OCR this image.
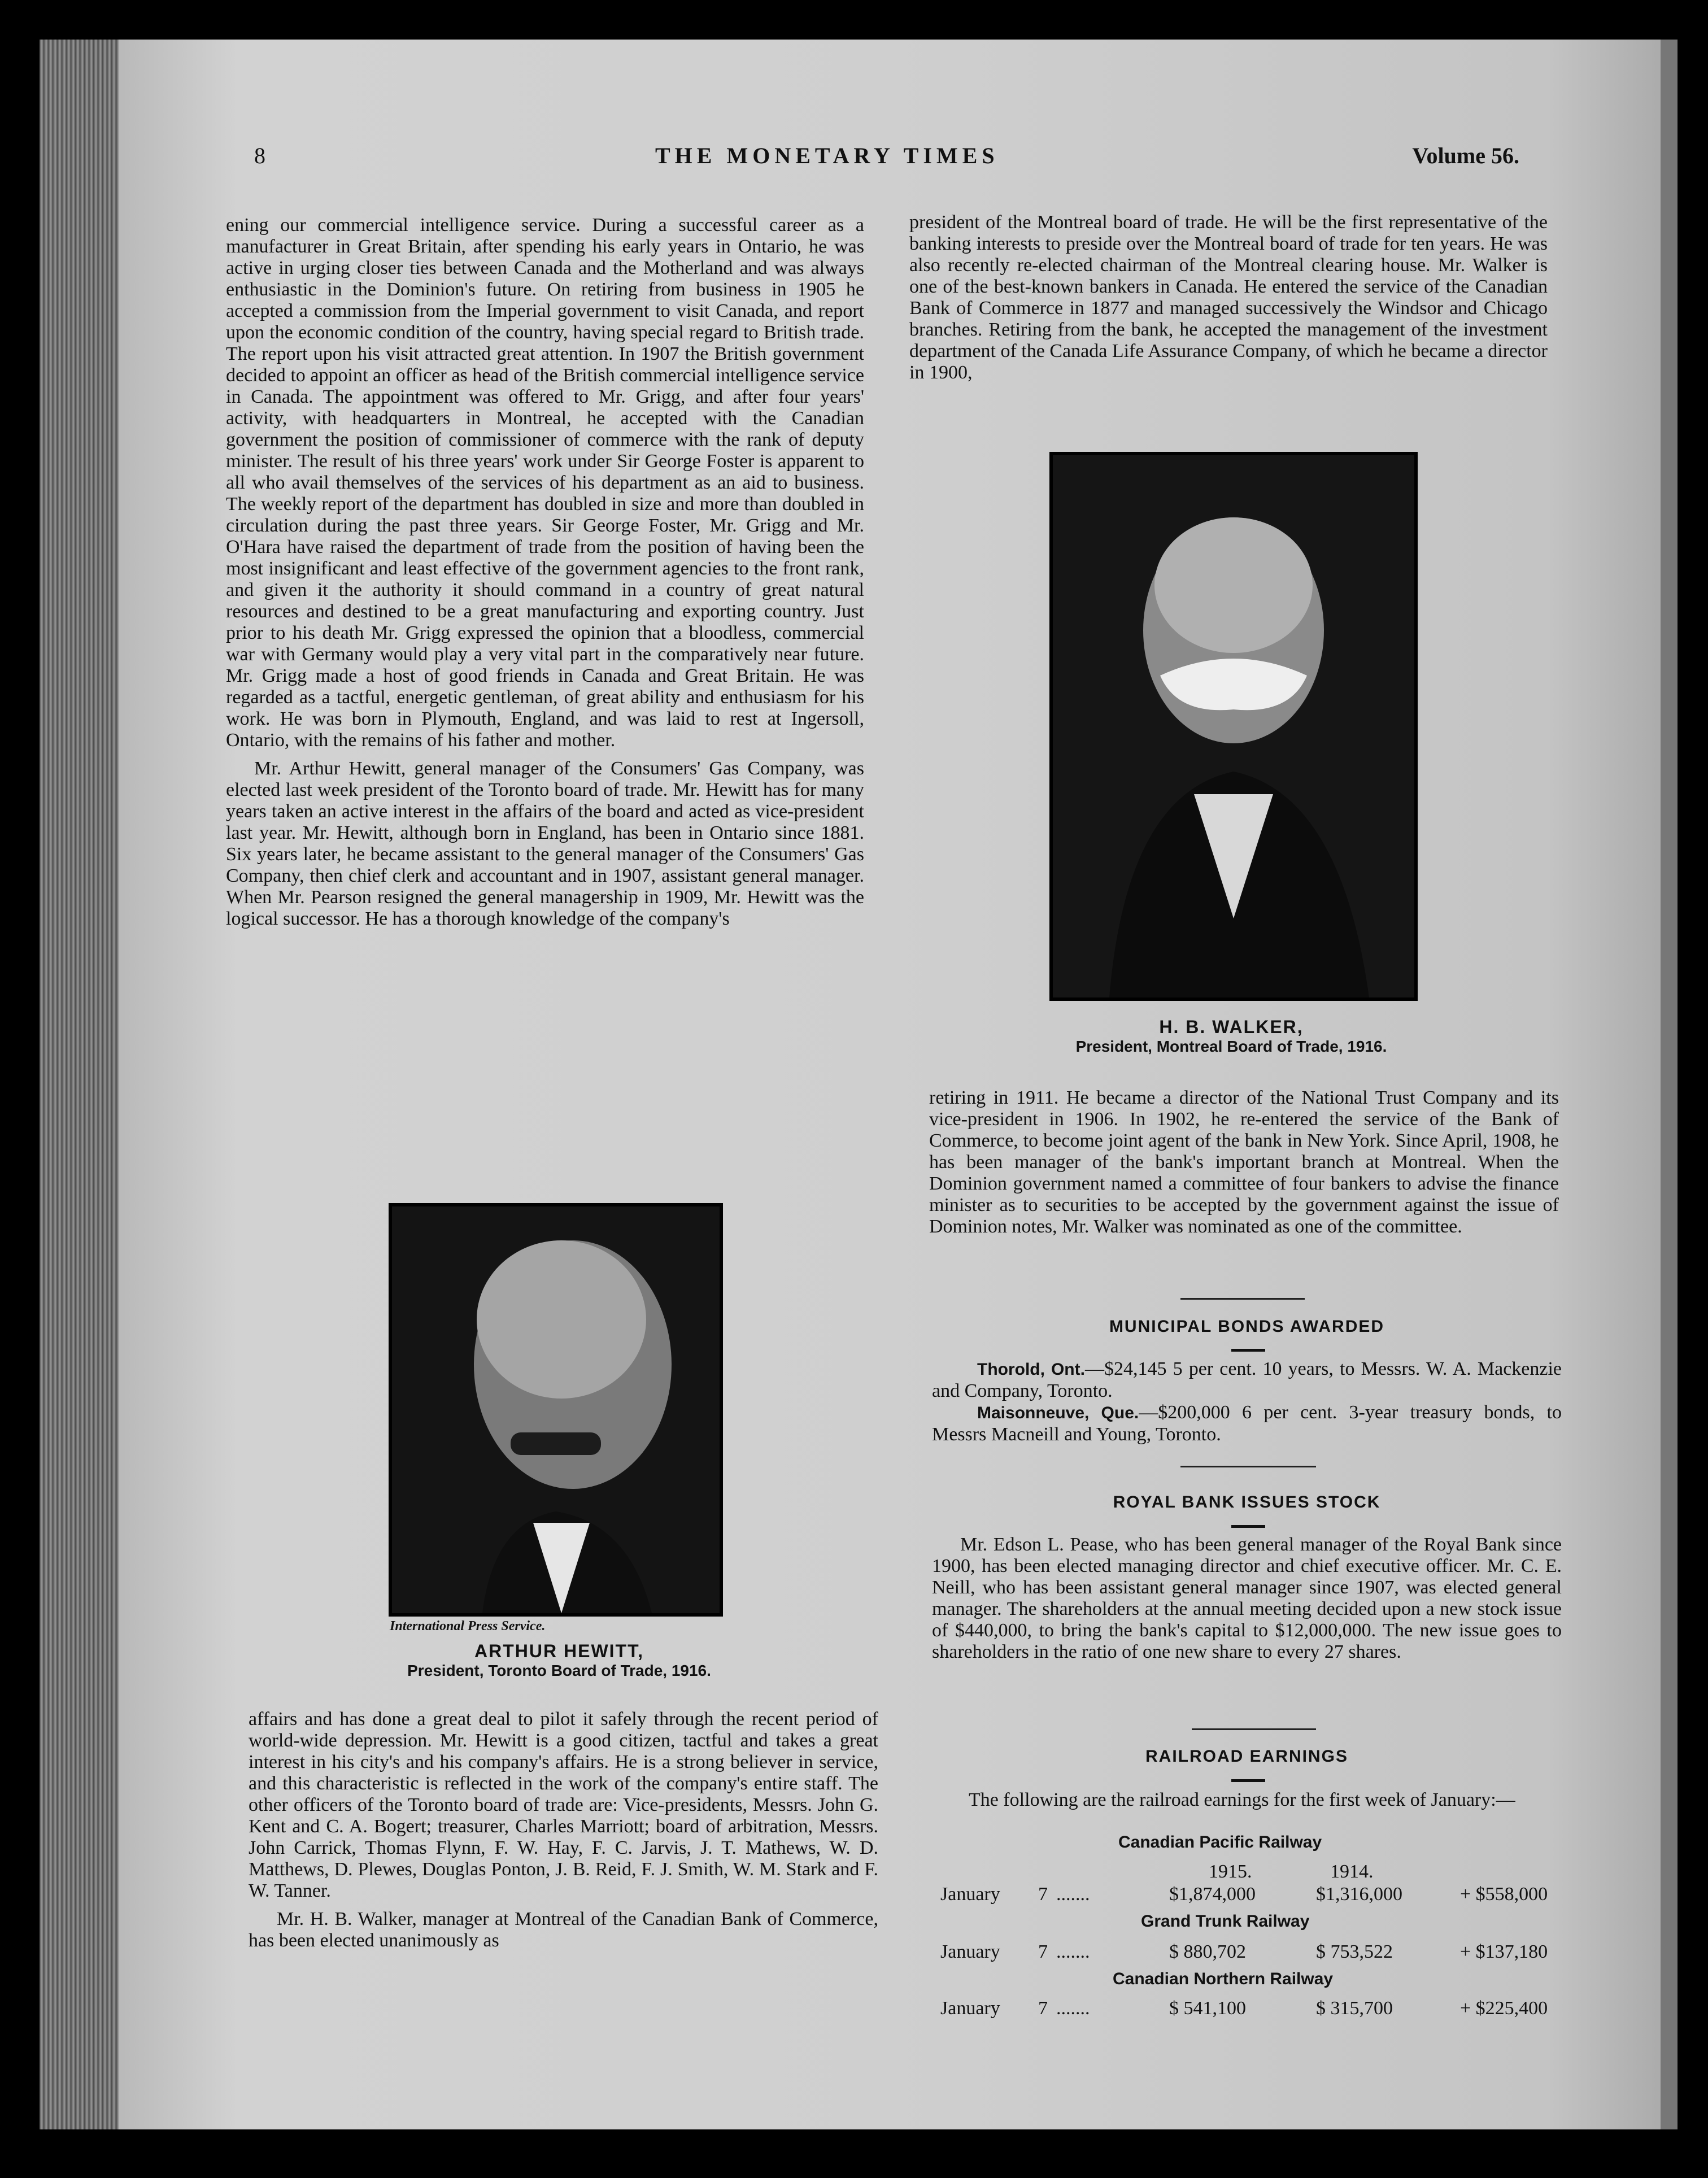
8	THE MONETARY TIMES	Volume 56.

ening our commercial intelligence service. During a successful career as a manufacturer in Great Britain, after spending his early years in Ontario, he was active in urging closer ties between Canada and the Motherland and was always enthusiastic in the Dominion's future. On retiring from business in 1905 he accepted a commission from the Imperial government to visit Canada, and report upon the economic condition of the country, having special regard to British trade. The report upon his visit attracted great attention. In 1907 the British government decided to appoint an officer as head of the British commercial intelligence service in Canada. The appointment was offered to Mr. Grigg, and after four years' activity, with headquarters in Montreal, he accepted with the Canadian government the position of commissioner of commerce with the rank of deputy minister. The result of his three years' work under Sir George Foster is apparent to all who avail themselves of the services of his department as an aid to business. The weekly report of the department has doubled in size and more than doubled in circulation during the past three years. Sir George Foster, Mr. Grigg and Mr. O'Hara have raised the department of trade from the position of having been the most insignificant and least effective of the government agencies to the front rank, and given it the authority it should command in a country of great natural resources and destined to be a great manufacturing and exporting country. Just prior to his death Mr. Grigg expressed the opinion that a bloodless, commercial war with Germany would play a very vital part in the comparatively near future. Mr. Grigg made a host of good friends in Canada and Great Britain. He was regarded as a tactful, energetic gentleman, of great ability and enthusiasm for his work. He was born in Plymouth, England, and was laid to rest at Ingersoll, Ontario, with the remains of his father and mother.

Mr. Arthur Hewitt, general manager of the Consumers' Gas Company, was elected last week president of the Toronto board of trade. Mr. Hewitt has for many years taken an active interest in the affairs of the board and acted as vice-president last year. Mr. Hewitt, although born in England, has been in Ontario since 1881. Six years later, he became assistant to the general manager of the Consumers' Gas Company, then chief clerk and accountant and in 1907, assistant general manager. When Mr. Pearson resigned the general managership in 1909, Mr. Hewitt was the logical successor. He has a thorough knowledge of the company's

International Press Service.
ARTHUR HEWITT,
President, Toronto Board of Trade, 1916.

affairs and has done a great deal to pilot it safely through the recent period of world-wide depression. Mr. Hewitt is a good citizen, tactful and takes a great interest in his city's and his company's affairs. He is a strong believer in service, and this characteristic is reflected in the work of the company's entire staff. The other officers of the Toronto board of trade are: Vice-presidents, Messrs. John G. Kent and C. A. Bogert; treasurer, Charles Marriott; board of arbitration, Messrs. John Carrick, Thomas Flynn, F. W. Hay, F. C. Jarvis, J. T. Mathews, W. D. Matthews, D. Plewes, Douglas Ponton, J. B. Reid, F. J. Smith, W. M. Stark and F. W. Tanner.

Mr. H. B. Walker, manager at Montreal of the Canadian Bank of Commerce, has been elected unanimously as

president of the Montreal board of trade. He will be the first representative of the banking interests to preside over the Montreal board of trade for ten years. He was also recently re-elected chairman of the Montreal clearing house. Mr. Walker is one of the best-known bankers in Canada. He entered the service of the Canadian Bank of Commerce in 1877 and managed successively the Windsor and Chicago branches. Retiring from the bank, he accepted the management of the investment department of the Canada Life Assurance Company, of which he became a director in 1900,

H. B. WALKER,
President, Montreal Board of Trade, 1916.

retiring in 1911. He became a director of the National Trust Company and its vice-president in 1906. In 1902, he re-entered the service of the Bank of Commerce, to become joint agent of the bank in New York. Since April, 1908, he has been manager of the bank's important branch at Montreal. When the Dominion government named a committee of four bankers to advise the finance minister as to securities to be accepted by the government against the issue of Dominion notes, Mr. Walker was nominated as one of the committee.

MUNICIPAL BONDS AWARDED

Thorold, Ont.—$24,145 5 per cent. 10 years, to Messrs. W. A. Mackenzie and Company, Toronto.

Maisonneuve, Que.—$200,000 6 per cent. 3-year treasury bonds, to Messrs Macneill and Young, Toronto.

ROYAL BANK ISSUES STOCK

Mr. Edson L. Pease, who has been general manager of the Royal Bank since 1900, has been elected managing director and chief executive officer. Mr. C. E. Neill, who has been assistant general manager since 1907, was elected general manager. The shareholders at the annual meeting decided upon a new stock issue of $440,000, to bring the bank's capital to $12,000,000. The new issue goes to shareholders in the ratio of one new share to every 27 shares.

RAILROAD EARNINGS

The following are the railroad earnings for the first week of January:—

Canadian Pacific Railway
1915.	1914.
January 7 .......	$1,874,000	$1,316,000	+ $558,000
Grand Trunk Railway
January 7 .......	$ 880,702	$ 753,522	+ $137,180
Canadian Northern Railway
January 7 .......	$ 541,100	$ 315,700	+ $225,400
